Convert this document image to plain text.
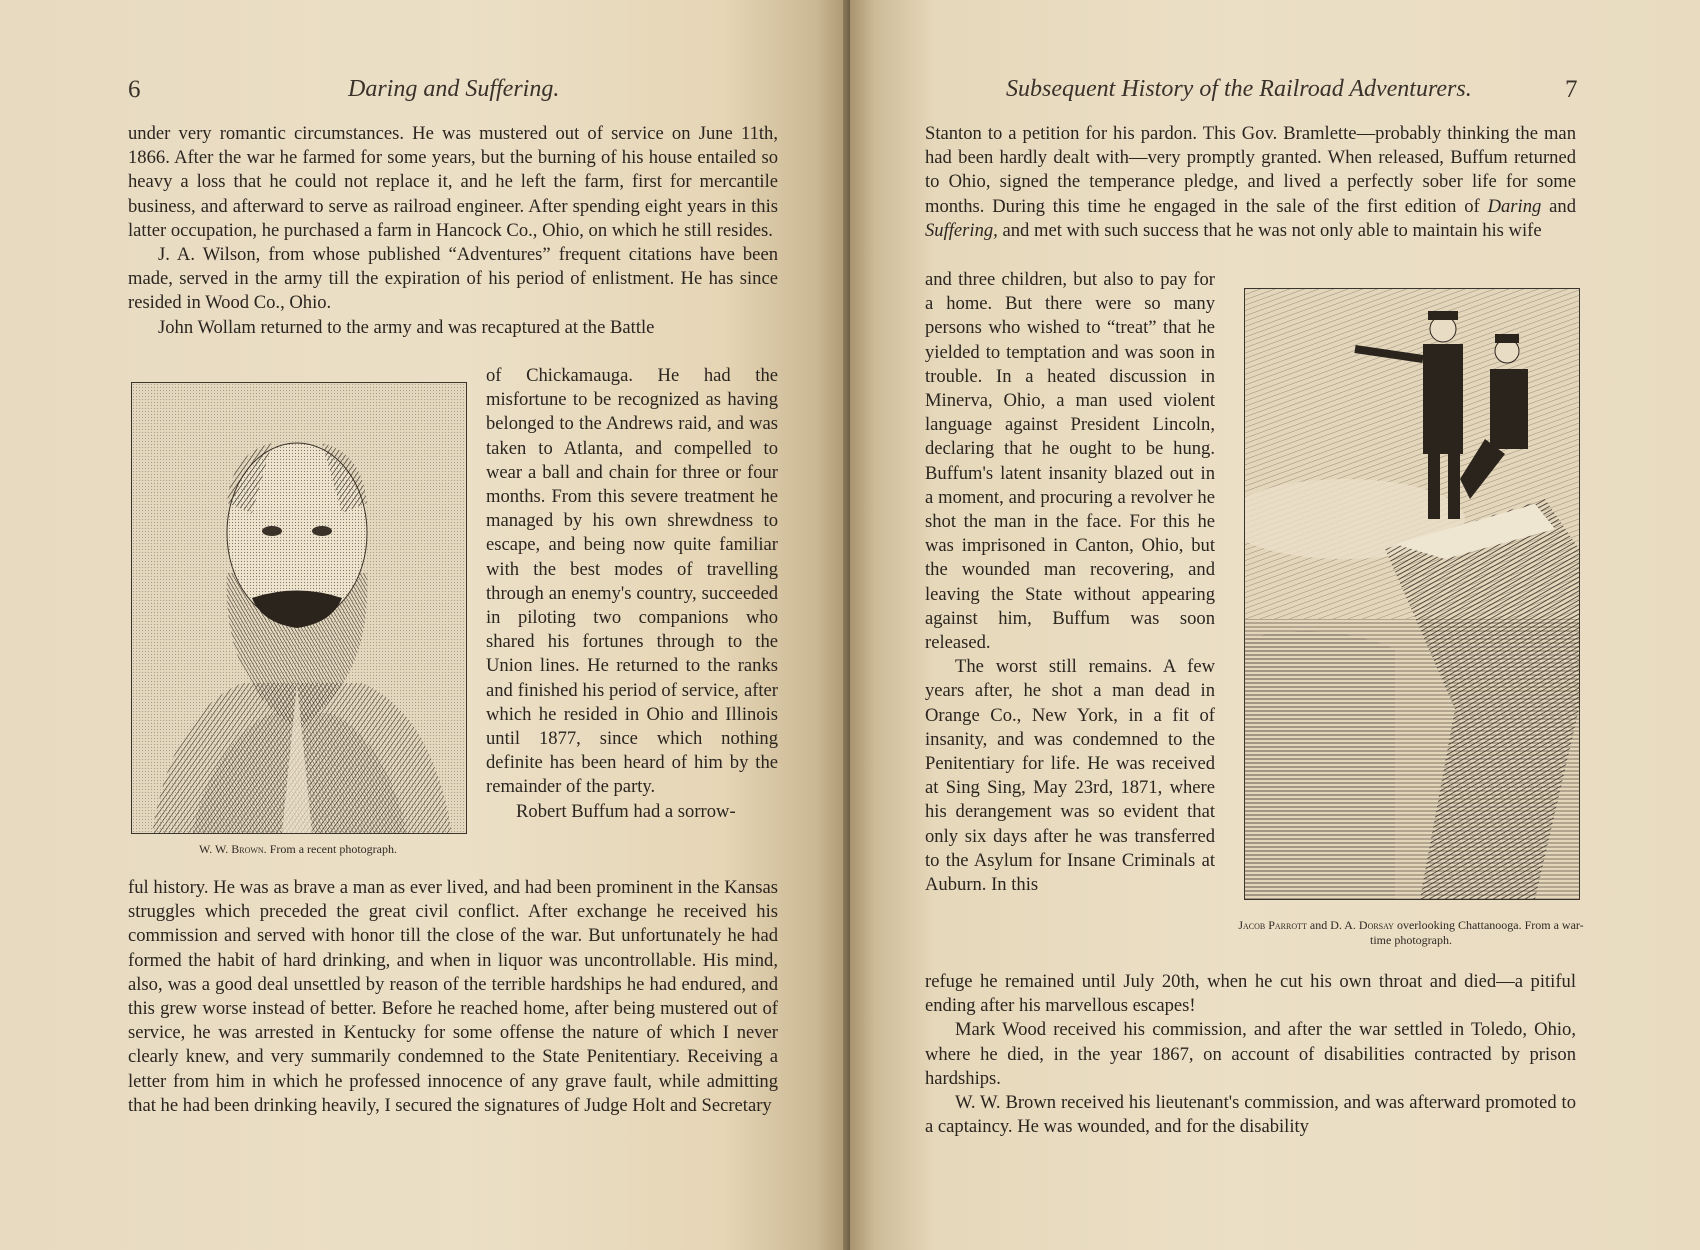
6	Daring and Suffering.

under very romantic circumstances. He was mustered out of service on June 11th, 1866. After the war he farmed for some years, but the burning of his house entailed so heavy a loss that he could not replace it, and he left the farm, first for mercantile business, and afterward to serve as railroad engineer. After spending eight years in this latter occupation, he purchased a farm in Hancock Co., Ohio, on which he still resides.

J. A. Wilson, from whose published “Adventures” frequent citations have been made, served in the army till the expiration of his period of enlistment. He has since resided in Wood Co., Ohio.

John Wollam returned to the army and was recaptured at the Battle

W. W. Brown. From a recent photograph.

of Chickamauga. He had the misfortune to be recognized as having belonged to the Andrews raid, and was taken to Atlanta, and compelled to wear a ball and chain for three or four months. From this severe treatment he managed by his own shrewdness to escape, and being now quite familiar with the best modes of travelling through an enemy's country, succeeded in piloting two companions who shared his fortunes through to the Union lines. He returned to the ranks and finished his period of service, after which he resided in Ohio and Illinois until 1877, since which nothing definite has been heard of him by the remainder of the party.

Robert Buffum had a sorrow-

ful history. He was as brave a man as ever lived, and had been prominent in the Kansas struggles which preceded the great civil conflict. After exchange he received his commission and served with honor till the close of the war. But unfortunately he had formed the habit of hard drinking, and when in liquor was uncontrollable. His mind, also, was a good deal unsettled by reason of the terrible hardships he had endured, and this grew worse instead of better. Before he reached home, after being mustered out of service, he was arrested in Kentucky for some offense the nature of which I never clearly knew, and very summarily condemned to the State Penitentiary. Receiving a letter from him in which he professed innocence of any grave fault, while admitting that he had been drinking heavily, I secured the signatures of Judge Holt and Secretary

Subsequent History of the Railroad Adventurers.	7

Stanton to a petition for his pardon. This Gov. Bramlette—probably thinking the man had been hardly dealt with—very promptly granted. When released, Buffum returned to Ohio, signed the temperance pledge, and lived a perfectly sober life for some months. During this time he engaged in the sale of the first edition of Daring and Suffering, and met with such success that he was not only able to maintain his wife

and three children, but also to pay for a home. But there were so many persons who wished to “treat” that he yielded to temptation and was soon in trouble. In a heated discussion in Minerva, Ohio, a man used violent language against President Lincoln, declaring that he ought to be hung. Buffum's latent insanity blazed out in a moment, and procuring a revolver he shot the man in the face. For this he was imprisoned in Canton, Ohio, but the wounded man recovering, and leaving the State without appearing against him, Buffum was soon released.

The worst still remains. A few years after, he shot a man dead in Orange Co., New York, in a fit of insanity, and was condemned to the Penitentiary for life. He was received at Sing Sing, May 23rd, 1871, where his derangement was so evident that only six days after he was transferred to the Asylum for Insane Criminals at Auburn. In this

Jacob Parrott and D. A. Dorsay overlooking Chattanooga. From a war-time photograph.

refuge he remained until July 20th, when he cut his own throat and died—a pitiful ending after his marvellous escapes!

Mark Wood received his commission, and after the war settled in Toledo, Ohio, where he died, in the year 1867, on account of disabilities contracted by prison hardships.

W. W. Brown received his lieutenant's commission, and was afterward promoted to a captaincy. He was wounded, and for the disability
